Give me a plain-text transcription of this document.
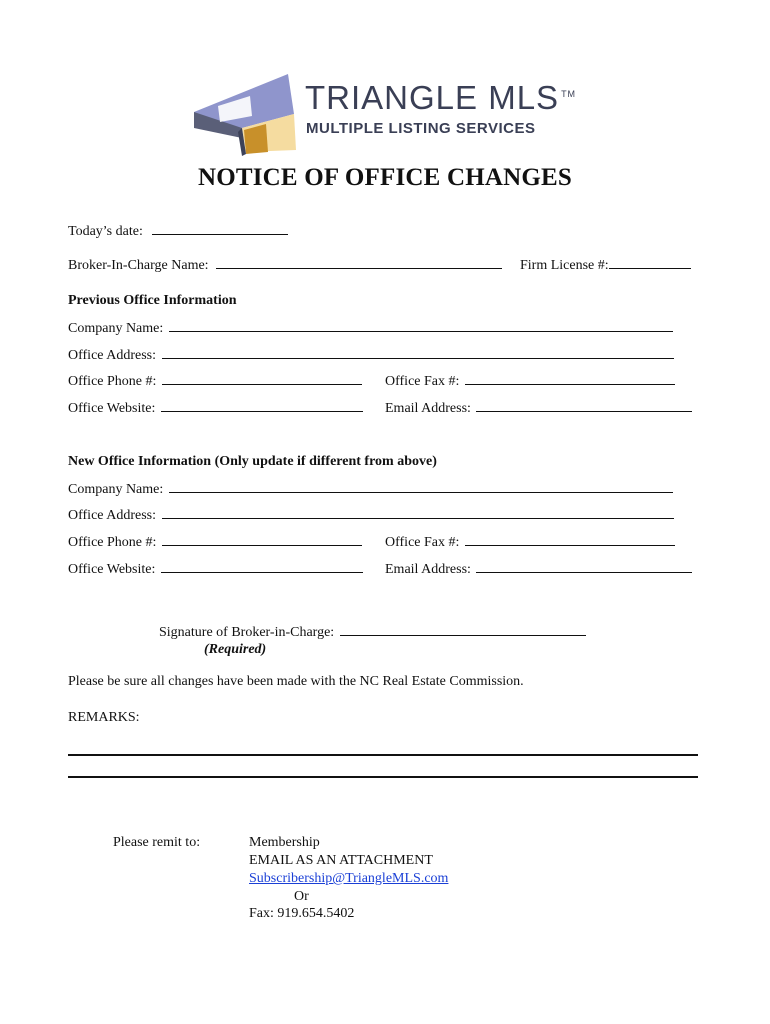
TRIANGLE MLS ™
MULTIPLE LISTING SERVICES
NOTICE OF OFFICE CHANGES
Today’s date:
Broker-In-Charge Name:	Firm License #:
Previous Office Information
Company Name:
Office Address:
Office Phone #:	Office Fax #:
Office Website:	Email Address:
New Office Information (Only update if different from above)
Company Name:
Office Address:
Office Phone #:	Office Fax #:
Office Website:	Email Address:
Signature of Broker-in-Charge:
(Required)
Please be sure all changes have been made with the NC Real Estate Commission.
REMARKS:
Please remit to:	Membership
EMAIL AS AN ATTACHMENT
Subscribership@TriangleMLS.com
Or
Fax: 919.654.5402
